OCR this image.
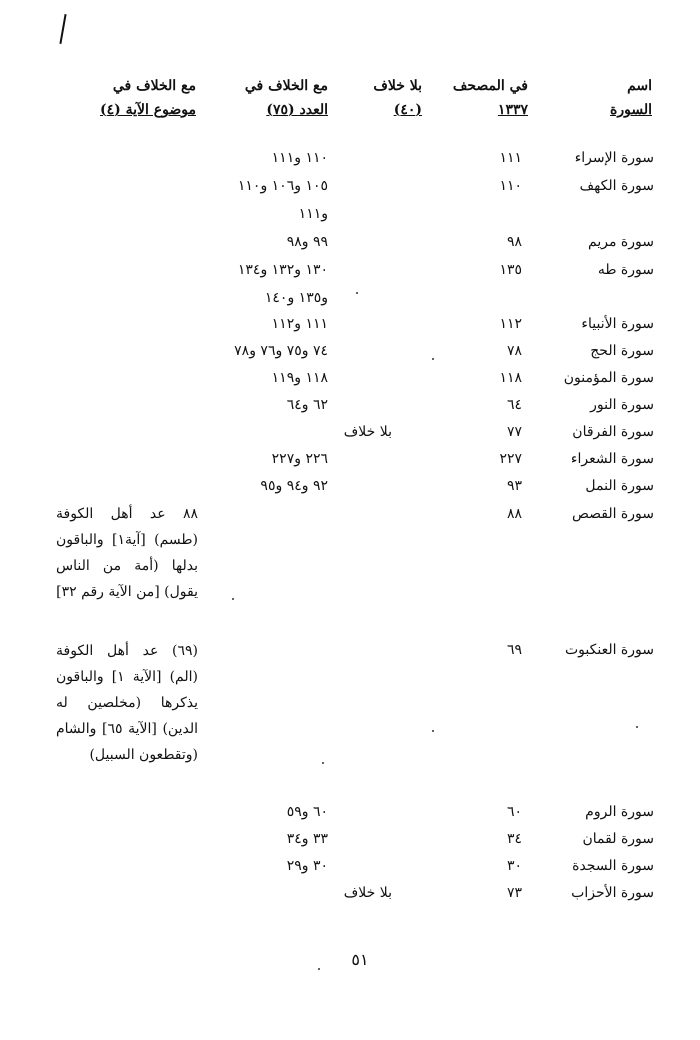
اسم
السورة
في المصحف
١٣٣٧
بلا خلاف
(٤٠)
مع الخلاف في
العدد (٧٥)
مع الخلاف في
موضوع الآية (٤)
سورة الإسراء
١١١
١١٠ و١١١
سورة الكهف
١١٠
١٠٥ و١٠٦ و١١٠
و١١١
سورة مريم
٩٨
٩٩ و٩٨
سورة طه
١٣٥
١٣٠ و١٣٢ و١٣٤
و١٣٥ و١٤٠
سورة الأنبياء
١١٢
١١١ و١١٢
سورة الحج
٧٨
٧٤ و٧٥ و٧٦ و٧٨
سورة المؤمنون
١١٨
١١٨ و١١٩
سورة النور
٦٤
٦٢ و٦٤
سورة الفرقان
٧٧
بلا خلاف
سورة الشعراء
٢٢٧
٢٢٦ و٢٢٧
سورة النمل
٩٣
٩٢ و٩٤ و٩٥
سورة القصص
٨٨
٨٨ عد أهل الكوفة (طسم) [آية١] والباقون بدلها (أمة من الناس يقول) [من الآية رقم ٣٢]
سورة العنكبوت
٦٩
(٦٩) عد أهل الكوفة (الم) [الآية ١] والباقون يذكرها (مخلصين له الدين) [الآية ٦٥] والشام (وتقطعون السبيل)
سورة الروم
٦٠
٦٠ و٥٩
سورة لقمان
٣٤
٣٣ و٣٤
سورة السجدة
٣٠
٣٠ و٢٩
سورة الأحزاب
٧٣
بلا خلاف
٥١
